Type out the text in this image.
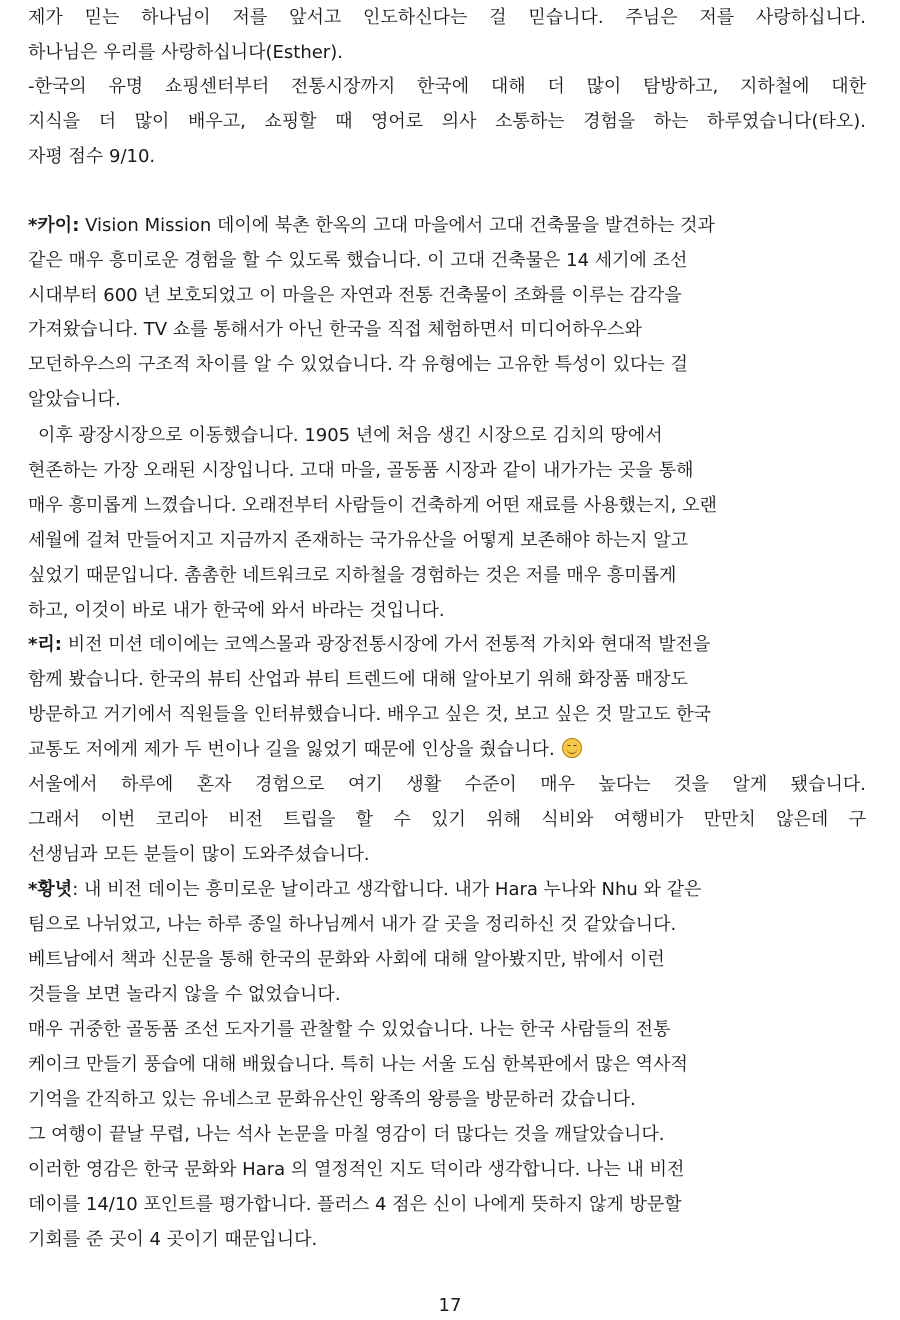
제가 믿는 하나님이 저를 앞서고 인도하신다는 걸 믿습니다. 주님은 저를 사랑하십니다.

하나님은 우리를 사랑하십니다(Esther).

-한국의 유명 쇼핑센터부터 전통시장까지 한국에 대해 더 많이 탐방하고, 지하철에 대한

지식을 더 많이 배우고, 쇼핑할 때 영어로 의사 소통하는 경험을 하는 하루였습니다(타오).

자평 점수 9/10.

*카이: Vision Mission 데이에 북촌 한옥의 고대 마을에서 고대 건축물을 발견하는 것과

같은 매우 흥미로운 경험을 할 수 있도록 했습니다. 이 고대 건축물은 14 세기에 조선

시대부터 600 년 보호되었고 이 마을은 자연과 전통 건축물이 조화를 이루는 감각을

가져왔습니다. TV 쇼를 통해서가 아닌 한국을 직접 체험하면서 미디어하우스와

모던하우스의 구조적 차이를 알 수 있었습니다. 각 유형에는 고유한 특성이 있다는 걸

알았습니다.

이후 광장시장으로 이동했습니다. 1905 년에 처음 생긴 시장으로 김치의 땅에서

현존하는 가장 오래된 시장입니다. 고대 마을, 골동품 시장과 같이 내가가는 곳을 통해

매우 흥미롭게 느꼈습니다. 오래전부터 사람들이 건축하게 어떤 재료를 사용했는지, 오랜

세월에 걸쳐 만들어지고 지금까지 존재하는 국가유산을 어떻게 보존해야 하는지 알고

싶었기 때문입니다. 촘촘한 네트워크로 지하철을 경험하는 것은 저를 매우 흥미롭게

하고, 이것이 바로 내가 한국에 와서 바라는 것입니다.

*리: 비전 미션 데이에는 코엑스몰과 광장전통시장에 가서 전통적 가치와 현대적 발전을

함께 봤습니다. 한국의 뷰티 산업과 뷰티 트렌드에 대해 알아보기 위해 화장품 매장도

방문하고 거기에서 직원들을 인터뷰했습니다. 배우고 싶은 것, 보고 싶은 것 말고도 한국

교통도 저에게 제가 두 번이나 길을 잃었기 때문에 인상을 줬습니다.

서울에서 하루에 혼자 경험으로 여기 생활 수준이 매우 높다는 것을 알게 됐습니다.

그래서 이번 코리아 비전 트립을 할 수 있기 위해 식비와 여행비가 만만치 않은데 구

선생님과 모든 분들이 많이 도와주셨습니다.

*황녓: 내 비전 데이는 흥미로운 날이라고 생각합니다. 내가 Hara 누나와 Nhu 와 같은

팀으로 나뉘었고, 나는 하루 종일 하나님께서 내가 갈 곳을 정리하신 것 같았습니다.

베트남에서 책과 신문을 통해 한국의 문화와 사회에 대해 알아봤지만, 밖에서 이런

것들을 보면 놀라지 않을 수 없었습니다.

매우 귀중한 골동품 조선 도자기를 관찰할 수 있었습니다. 나는 한국 사람들의 전통

케이크 만들기 풍습에 대해 배웠습니다. 특히 나는 서울 도심 한복판에서 많은 역사적

기억을 간직하고 있는 유네스코 문화유산인 왕족의 왕릉을 방문하러 갔습니다.

그 여행이 끝날 무렵, 나는 석사 논문을 마칠 영감이 더 많다는 것을 깨달았습니다.

이러한 영감은 한국 문화와 Hara 의 열정적인 지도 덕이라 생각합니다. 나는 내 비전

데이를 14/10 포인트를 평가합니다. 플러스 4 점은 신이 나에게 뜻하지 않게 방문할

기회를 준 곳이 4 곳이기 때문입니다.

17
